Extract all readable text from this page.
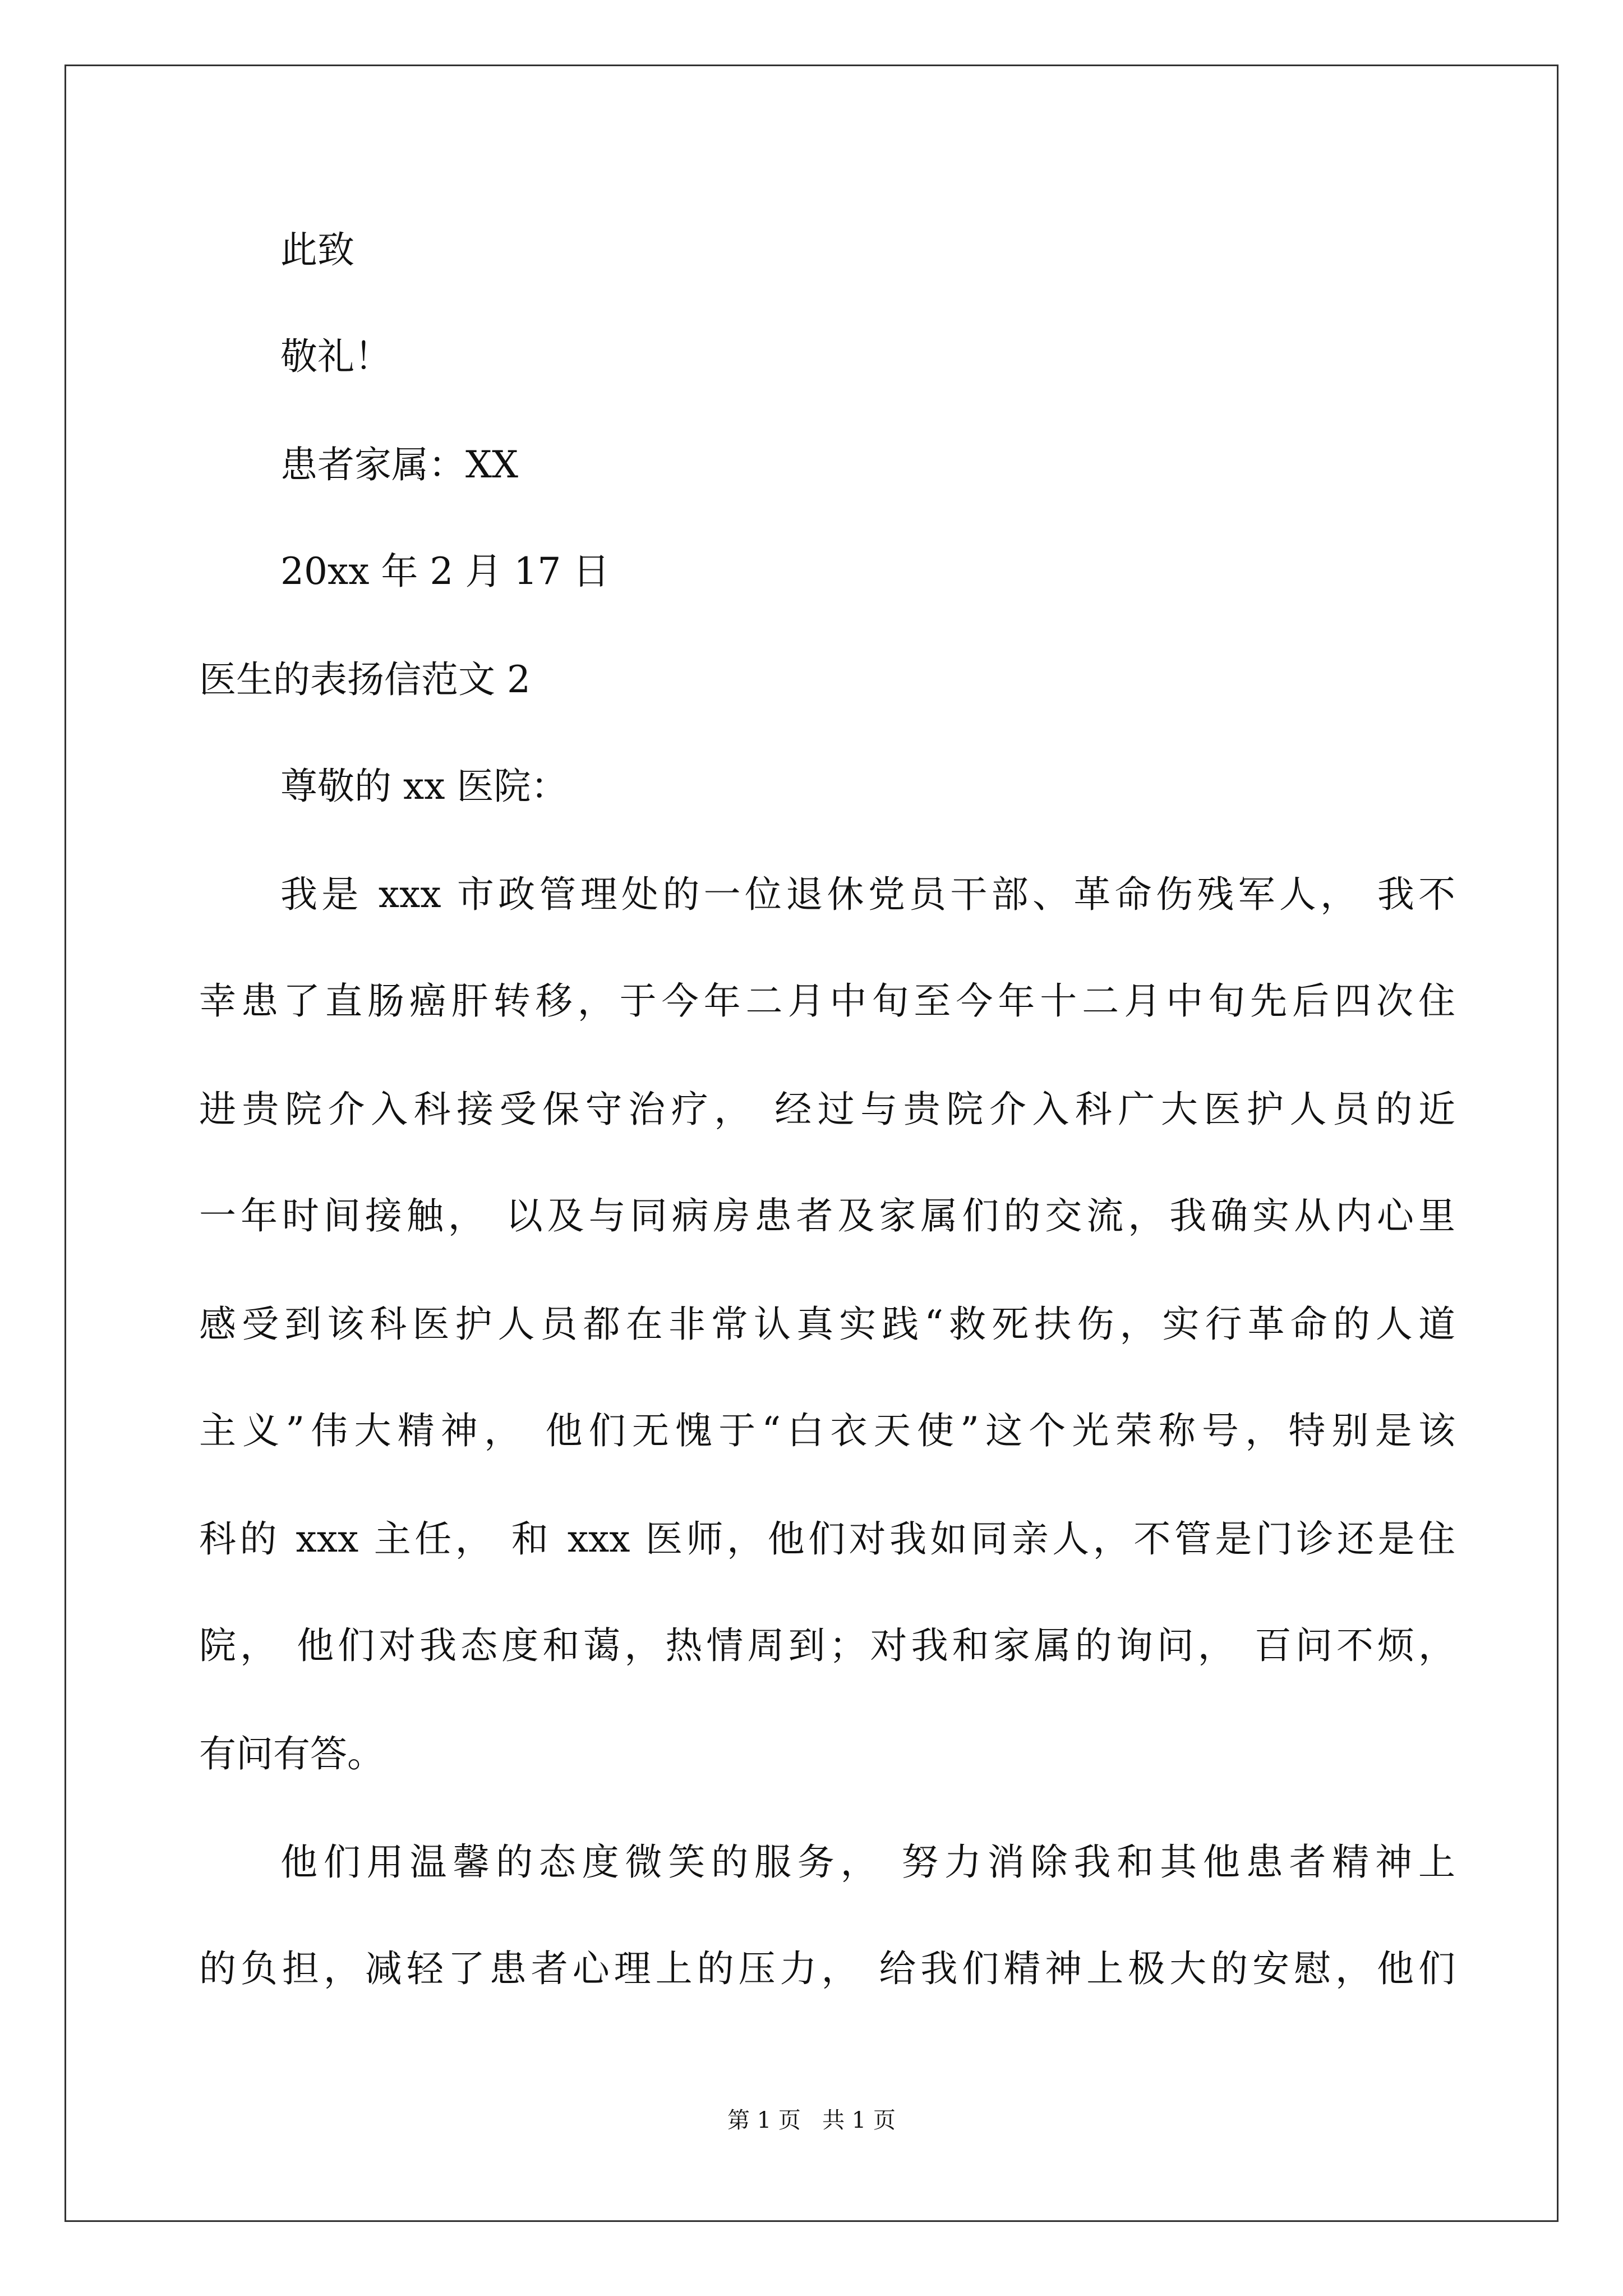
此致
敬礼！
患者家属：XX
20xx 年 2 月 17 日
医生的表扬信范文 2
尊敬的 xx 医院：
我是 xxx 市政管理处的一位退休党员干部、革命伤残军人， 我不
幸患了直肠癌肝转移，于今年二月中旬至今年十二月中旬先后四次住
进贵院介入科接受保守治疗， 经过与贵院介入科广大医护人员的近
一年时间接触， 以及与同病房患者及家属们的交流，我确实从内心里
感受到该科医护人员都在非常认真实践“救死扶伤，实行革命的人道
主义”伟大精神， 他们无愧于“白衣天使”这个光荣称号，特别是该
科的 xxx 主任， 和 xxx 医师，他们对我如同亲人，不管是门诊还是住
院， 他们对我态度和蔼，热情周到；对我和家属的询问， 百问不烦，
有问有答。
他们用温馨的态度微笑的服务， 努力消除我和其他患者精神上
的负担，减轻了患者心理上的压力， 给我们精神上极大的安慰，他们
第 1 页   共 1 页
